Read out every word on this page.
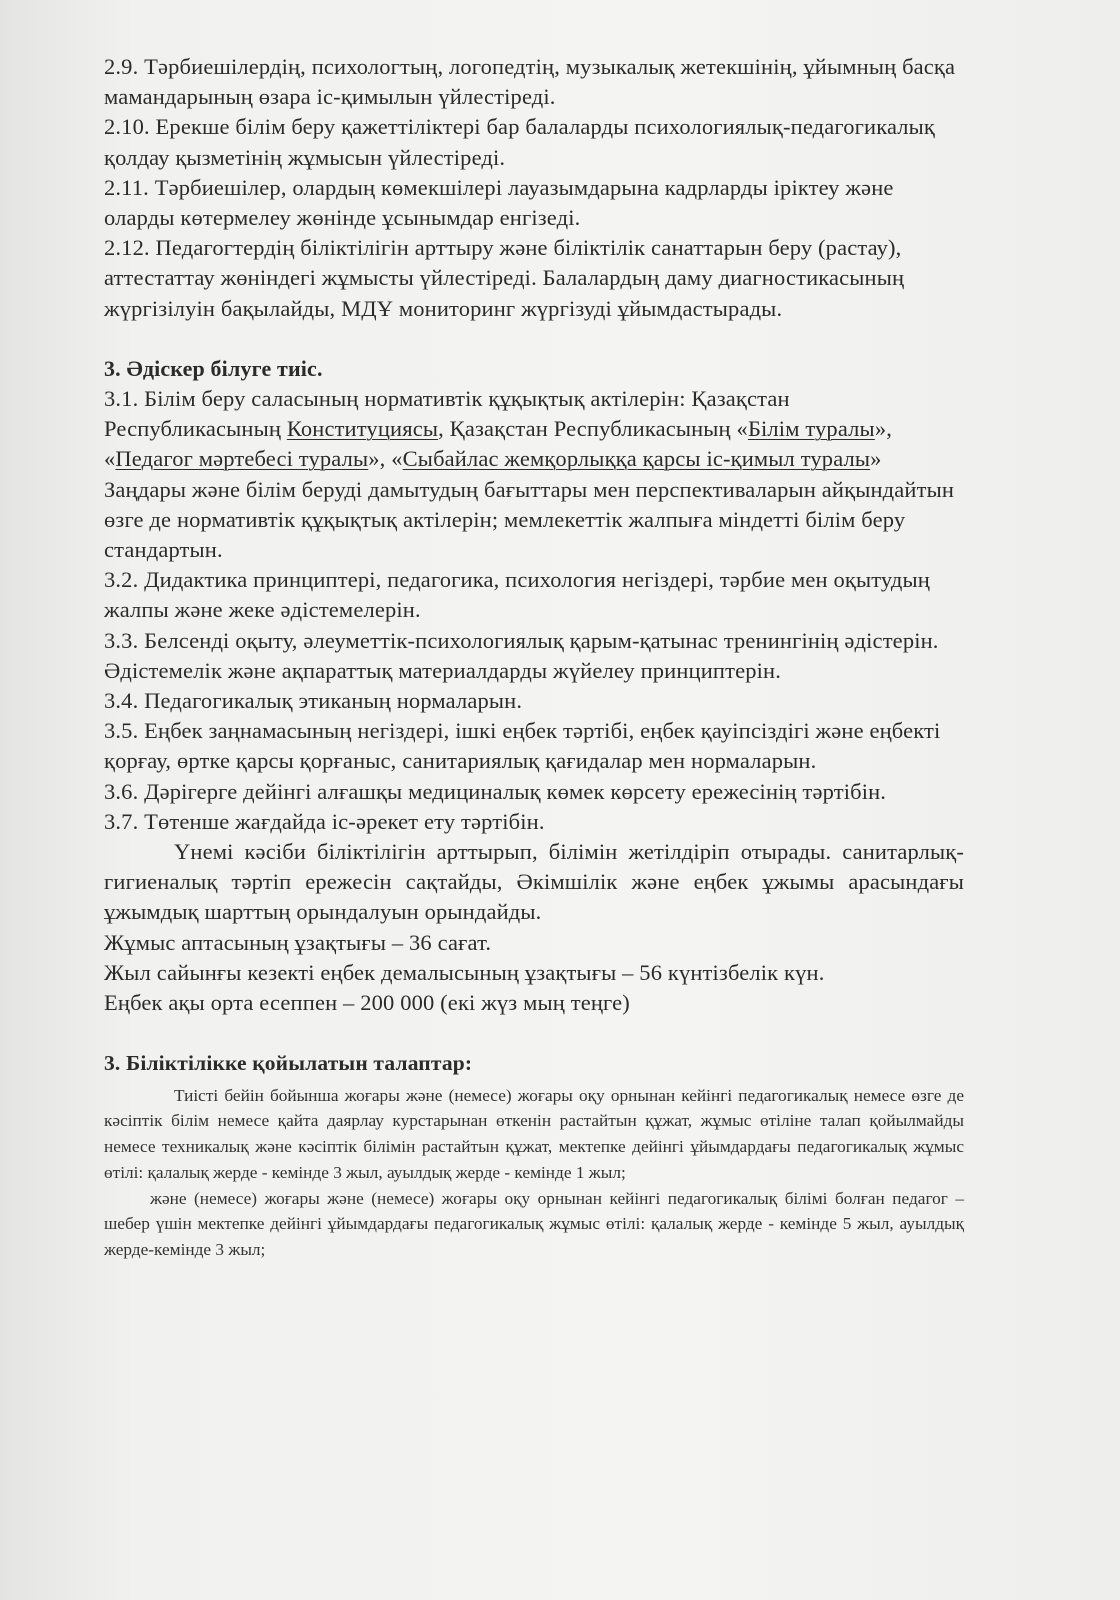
2.9. Тәрбиешілердің, психологтың, логопедтің, музыкалық жетекшінің, ұйымның басқа мамандарының өзара іс-қимылын үйлестіреді.

2.10. Ерекше білім беру қажеттіліктері бар балаларды психологиялық-педагогикалық қолдау қызметінің жұмысын үйлестіреді.

2.11. Тәрбиешілер, олардың көмекшілері лауазымдарына кадрларды іріктеу және оларды көтермелеу жөнінде ұсынымдар енгізеді.

2.12. Педагогтердің біліктілігін арттыру және біліктілік санаттарын беру (растау), аттестаттау жөніндегі жұмысты үйлестіреді. Балалардың даму диагностикасының жүргізілуін бақылайды, МДҰ мониторинг жүргізуді ұйымдастырады.

3. Әдіскер білуге тиіс.

3.1. Білім беру саласының нормативтік құқықтық актілерін: Қазақстан Республикасының Конституциясы, Қазақстан Республикасының «Білім туралы», «Педагог мәртебесі туралы», «Сыбайлас жемқорлыққа қарсы іс-қимыл туралы» Заңдары және білім беруді дамытудың бағыттары мен перспективаларын айқындайтын өзге де нормативтік құқықтық актілерін; мемлекеттік жалпыға міндетті білім беру стандартын.

3.2. Дидактика принциптері, педагогика, психология негіздері, тәрбие мен оқытудың жалпы және жеке әдістемелерін.

3.3. Белсенді оқыту, әлеуметтік-психологиялық қарым-қатынас тренингінің әдістерін. Әдістемелік және ақпараттық материалдарды жүйелеу принциптерін.

3.4. Педагогикалық этиканың нормаларын.

3.5. Еңбек заңнамасының негіздері, ішкі еңбек тәртібі, еңбек қауіпсіздігі және еңбекті қорғау, өртке қарсы қорғаныс, санитариялық қағидалар мен нормаларын.

3.6. Дәрігерге дейінгі алғашқы медициналық көмек көрсету ережесінің тәртібін.

3.7. Төтенше жағдайда іс-әрекет ету тәртібін.

Үнемі кәсіби біліктілігін арттырып, білімін жетілдіріп отырады. санитарлық-гигиеналық тәртіп ережесін сақтайды, Әкімшілік және еңбек ұжымы арасындағы ұжымдық шарттың орындалуын орындайды.

Жұмыс аптасының ұзақтығы – 36 сағат.

Жыл сайынғы кезекті еңбек демалысының ұзақтығы – 56 күнтізбелік күн.

Еңбек ақы орта есеппен – 200 000 (екі жүз мың теңге)

3. Біліктілікке қойылатын талаптар:

Тиісті бейін бойынша жоғары және (немесе) жоғары оқу орнынан кейінгі педагогикалық немесе өзге де кәсіптік білім немесе қайта даярлау курстарынан өткенін растайтын құжат, жұмыс өтіліне талап қойылмайды немесе техникалық және кәсіптік білімін растайтын құжат, мектепке дейінгі ұйымдардағы педагогикалық жұмыс өтілі: қалалық жерде - кемінде 3 жыл, ауылдық жерде - кемінде 1 жыл;

және (немесе) жоғары және (немесе) жоғары оқу орнынан кейінгі педагогикалық білімі болған педагог – шебер үшін мектепке дейінгі ұйымдардағы педагогикалық жұмыс өтілі: қалалық жерде - кемінде 5 жыл, ауылдық жерде-кемінде 3 жыл;
